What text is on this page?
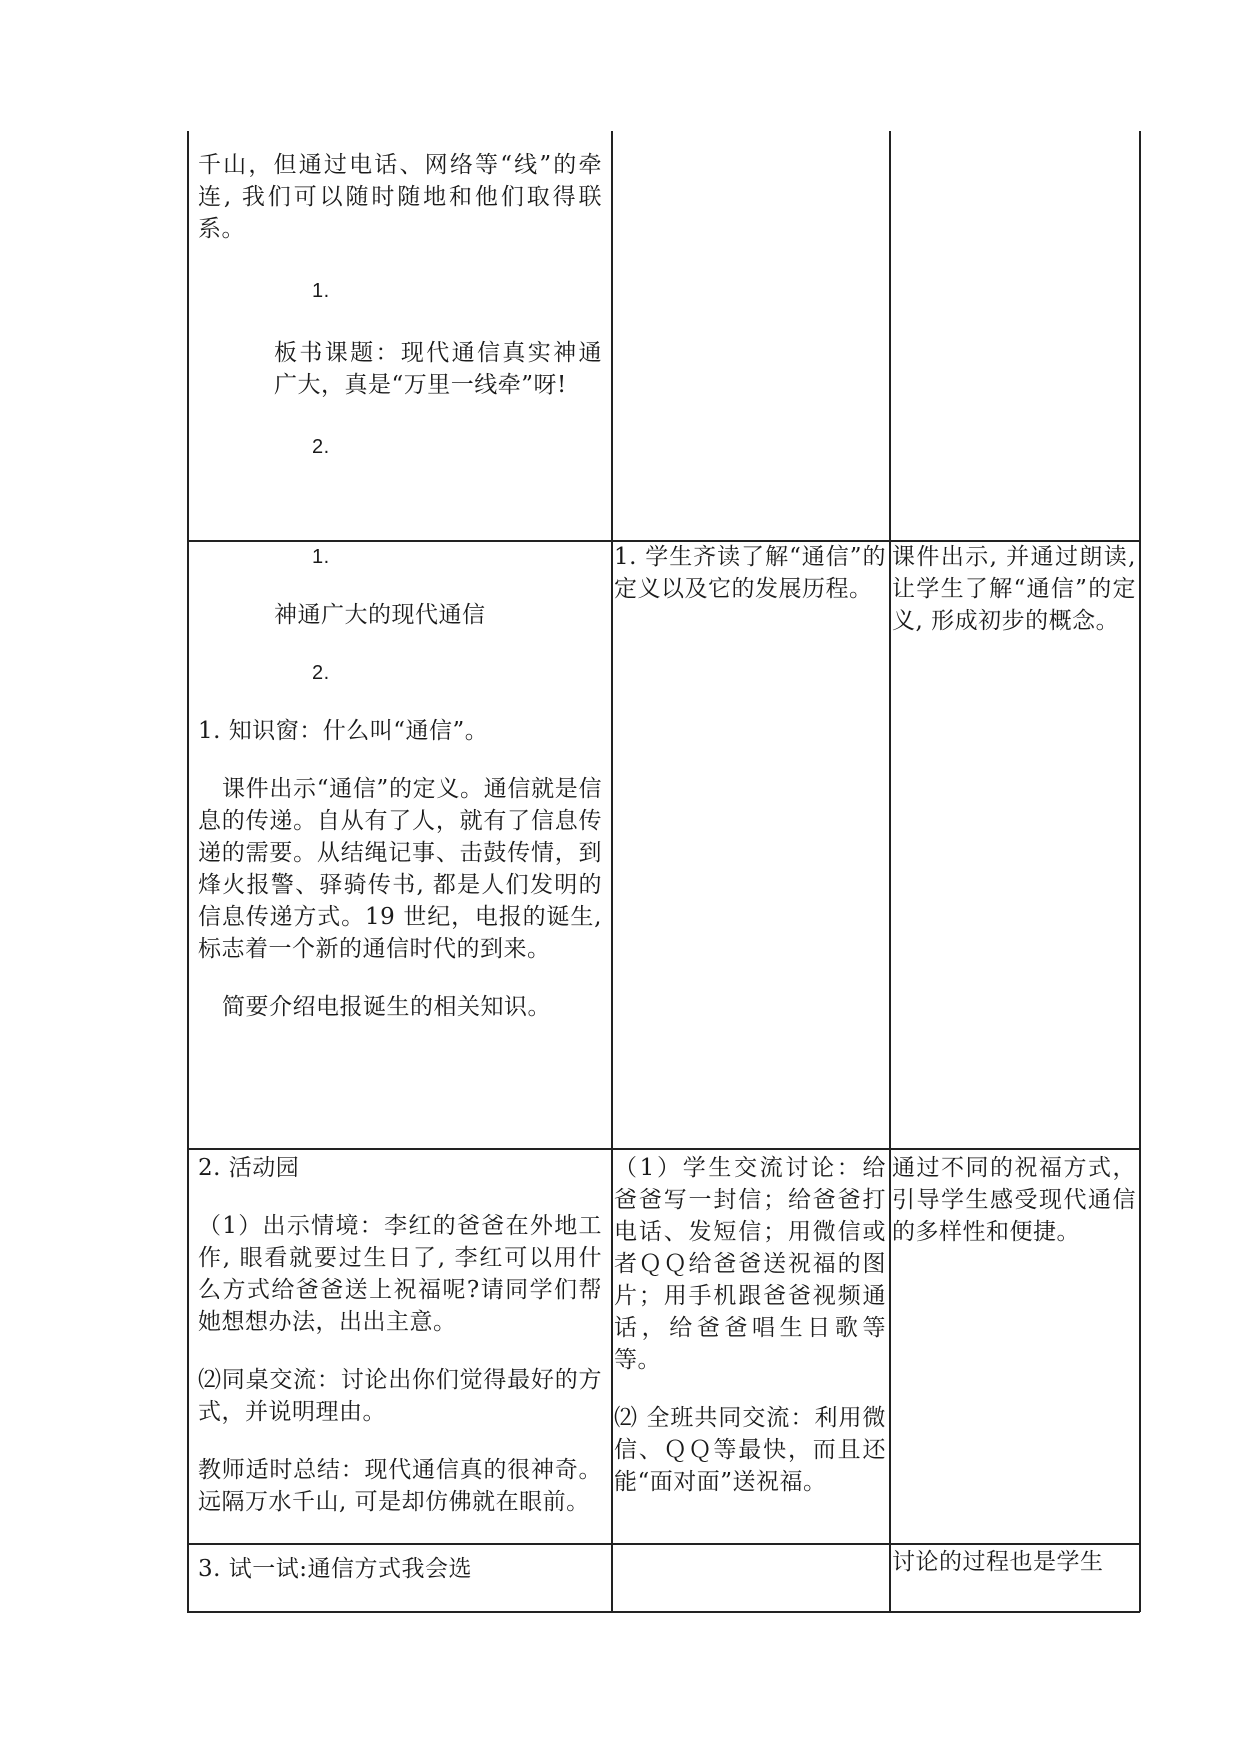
千山，但通过电话、网络等“线”的牵连, 我们可以随时随地和他们取得联系。

1.

板书课题：现代通信真实神通广大，真是“万里一线牵”呀!

2.

1.

神通广大的现代通信

2.

1. 知识窗：什么叫“通信”。

课件出示“通信”的定义。通信就是信息的传递。自从有了人，就有了信息传递的需要。从结绳记事、击鼓传情，到烽火报警、驿骑传书, 都是人们发明的信息传递方式。19 世纪，电报的诞生, 标志着一个新的通信时代的到来。

简要介绍电报诞生的相关知识。

1. 学生齐读了解“通信”的定义以及它的发展历程。

课件出示, 并通过朗读, 让学生了解“通信”的定义, 形成初步的概念。

2. 活动园

（1）出示情境：李红的爸爸在外地工作, 眼看就要过生日了, 李红可以用什么方式给爸爸送上祝福呢?请同学们帮她想想办法，出出主意。

⑵同桌交流：讨论出你们觉得最好的方式，并说明理由。

教师适时总结：现代通信真的很神奇。远隔万水千山, 可是却仿佛就在眼前。

（1）学生交流讨论：给爸爸写一封信；给爸爸打电话、发短信；用微信或者ＱＱ给爸爸送祝福的图片；用手机跟爸爸视频通话，给爸爸唱生日歌等等。

⑵ 全班共同交流：利用微信、ＱＱ等最快，而且还能“面对面”送祝福。

通过不同的祝福方式，引导学生感受现代通信的多样性和便捷。

3. 试一试:通信方式我会选	讨论的过程也是学生
